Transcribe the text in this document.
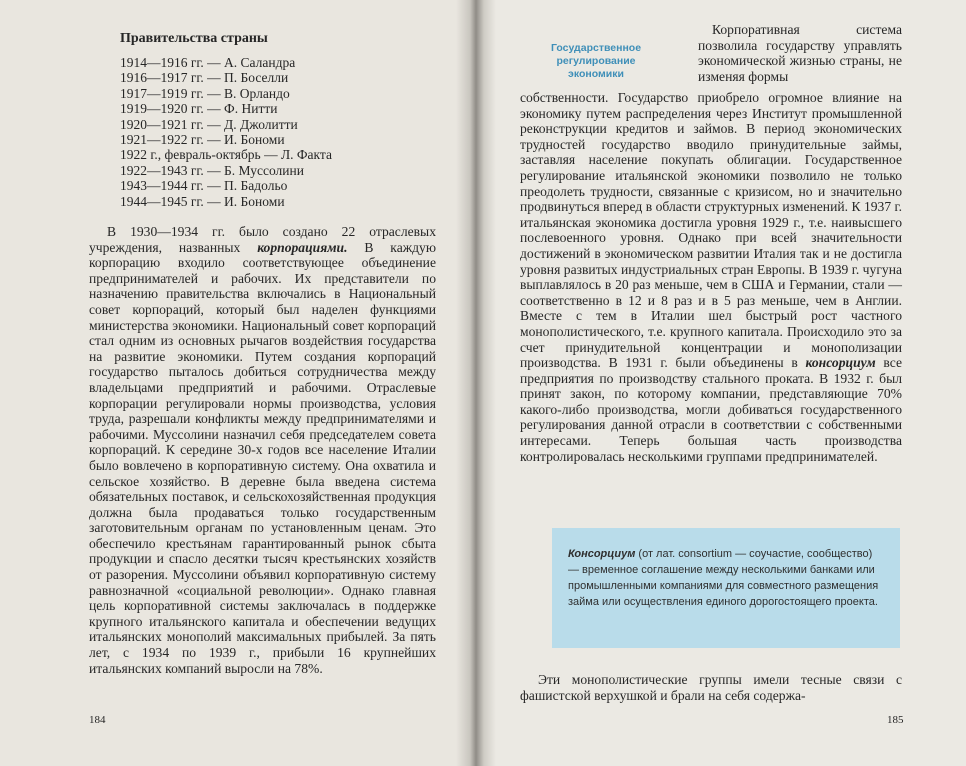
Правительства страны
1914—1916 гг. — А. Саландра
1916—1917 гг. — П. Боселли
1917—1919 гг. — В. Орландо
1919—1920 гг. — Ф. Нитти
1920—1921 гг. — Д. Джолитти
1921—1922 гг. — И. Бономи
1922 г., февраль-октябрь — Л. Факта
1922—1943 гг. — Б. Муссолини
1943—1944 гг. — П. Бадольо
1944—1945 гг. — И. Бономи

В 1930—1934 гг. было создано 22 отраслевых учреждения, названных корпорациями. В каждую корпорацию входило соответствующее объединение предпринимателей и рабочих. Их представители по назначению правительства включались в Национальный совет корпораций, который был наделен функциями министерства экономики. Национальный совет корпораций стал одним из основных рычагов воздействия государства на развитие экономики. Путем создания корпораций государство пыталось добиться сотрудничества между владельцами предприятий и рабочими. Отраслевые корпорации регулировали нормы производства, условия труда, разрешали конфликты между предпринимателями и рабочими. Муссолини назначил себя председателем совета корпораций. К середине 30-х годов все население Италии было вовлечено в корпоративную систему. Она охватила и сельское хозяйство. В деревне была введена система обязательных поставок, и сельскохозяйственная продукция должна была продаваться только государственным заготовительным органам по установленным ценам. Это обеспечило крестьянам гарантированный рынок сбыта продукции и спасло десятки тысяч крестьянских хозяйств от разорения. Муссолини объявил корпоративную систему равнозначной «социальной революции». Однако главная цель корпоративной системы заключалась в поддержке крупного итальянского капитала и обеспечении ведущих итальянских монополий максимальных прибылей. За пять лет, с 1934 по 1939 г., прибыли 16 крупнейших итальянских компаний выросли на 78%.

184
Государственное регулирование экономики

Корпоративная система позволила государству управлять экономической жизнью страны, не изменяя формы

собственности. Государство приобрело огромное влияние на экономику путем распределения через Институт промышленной реконструкции кредитов и займов. В период экономических трудностей государство вводило принудительные займы, заставляя население покупать облигации. Государственное регулирование итальянской экономики позволило не только преодолеть трудности, связанные с кризисом, но и значительно продвинуться вперед в области структурных изменений. К 1937 г. итальянская экономика достигла уровня 1929 г., т.е. наивысшего послевоенного уровня. Однако при всей значительности достижений в экономическом развитии Италия так и не достигла уровня развитых индустриальных стран Европы. В 1939 г. чугуна выплавлялось в 20 раз меньше, чем в США и Германии, стали — соответственно в 12 и 8 раз и в 5 раз меньше, чем в Англии. Вместе с тем в Италии шел быстрый рост частного монополистического, т.е. крупного капитала. Происходило это за счет принудительной концентрации и монополизации производства. В 1931 г. были объединены в консорциум все предприятия по производству стального проката. В 1932 г. был принят закон, по которому компании, представляющие 70% какого-либо производства, могли добиваться государственного регулирования данной отрасли в соответствии с собственными интересами. Теперь большая часть производства контролировалась несколькими группами предпринимателей.

Консорциум (от лат. consortium — соучастие, сообщество) — временное соглашение между несколькими банками или промышленными компаниями для совместного размещения займа или осуществления единого дорогостоящего проекта.

Эти монополистические группы имели тесные связи с фашистской верхушкой и брали на себя содержа-

185
